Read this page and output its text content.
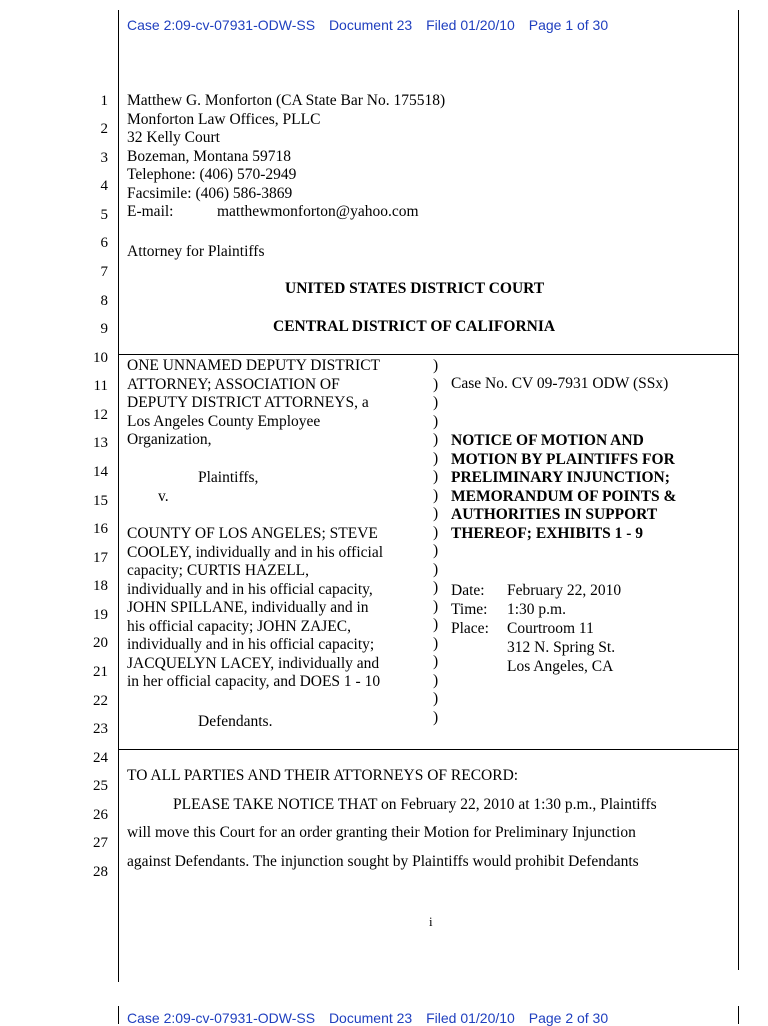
Case 2:09-cv-07931-ODW-SS Document 23 Filed 01/20/10 Page 1 of 30
1
2
3
4
5
6
7
8
9
10
11
12
13
14
15
16
17
18
19
20
21
22
23
24
25
26
27
28
Matthew G. Monforton (CA State Bar No. 175518)
Monforton Law Offices, PLLC
32 Kelly Court
Bozeman, Montana 59718
Telephone: (406) 570-2949
Facsimile: (406) 586-3869
E-mail:	matthewmonforton@yahoo.com
Attorney for Plaintiffs
UNITED STATES DISTRICT COURT
CENTRAL DISTRICT OF CALIFORNIA
ONE UNNAMED DEPUTY DISTRICT
ATTORNEY; ASSOCIATION OF
DEPUTY DISTRICT ATTORNEYS, a
Los Angeles County Employee
Organization,
Plaintiffs,
v.
COUNTY OF LOS ANGELES; STEVE
COOLEY, individually and in his official
capacity; CURTIS HAZELL,
individually and in his official capacity,
JOHN SPILLANE, individually and in
his official capacity; JOHN ZAJEC,
individually and in his official capacity;
JACQUELYN LACEY, individually and
in her official capacity, and DOES 1 - 10
Defendants.
)
)
)
)
)
)
)
)
)
)
)
)
)
)
)
)
)
)
)
)
Case No. CV 09-7931 ODW (SSx)
NOTICE OF MOTION AND
MOTION BY PLAINTIFFS FOR
PRELIMINARY INJUNCTION;
MEMORANDUM OF POINTS &
AUTHORITIES IN SUPPORT
THEREOF; EXHIBITS 1 - 9
Date: February 22, 2010
Time: 1:30 p.m.
Place: Courtroom 11
312 N. Spring St.
Los Angeles, CA
TO ALL PARTIES AND THEIR ATTORNEYS OF RECORD:
PLEASE TAKE NOTICE THAT on February 22, 2010 at 1:30 p.m., Plaintiffs
will move this Court for an order granting their Motion for Preliminary Injunction
against Defendants. The injunction sought by Plaintiffs would prohibit Defendants
i
Case 2:09-cv-07931-ODW-SS Document 23 Filed 01/20/10 Page 2 of 30
